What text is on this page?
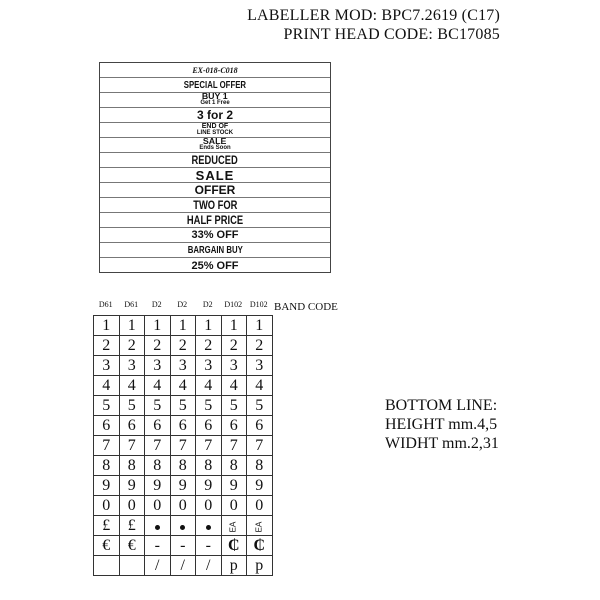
LABELLER MOD: BPC7.2619 (C17)
PRINT HEAD CODE: BC17085
EX-018-C018
SPECIAL OFFER
BUY 1
Get 1 Free
3 for 2
END OF
LINE STOCK
SALE
Ends Soon
REDUCED
SALE
OFFER
TWO FOR
HALF PRICE
33% OFF
BARGAIN BUY
25% OFF
D61	D61	D2	D2	D2	D102 D102 BAND CODE
1	1	1	1	1	1	1
2	2	2	2	2	2	2
3	3	3	3	3	3	3
4	4	4	4	4	4	4
5	5	5	5	5	5	5
6	6	6	6	6	6	6
7	7	7	7	7	7	7
8	8	8	8	8	8	8
9	9	9	9	9	9	9
0	0	0	0	0	0	0
£	£				EA	EA
€	€	-	-	-	₵	₵
		/	/	/	p	p
BOTTOM LINE:
HEIGHT mm.4,5
WIDHT mm.2,31
